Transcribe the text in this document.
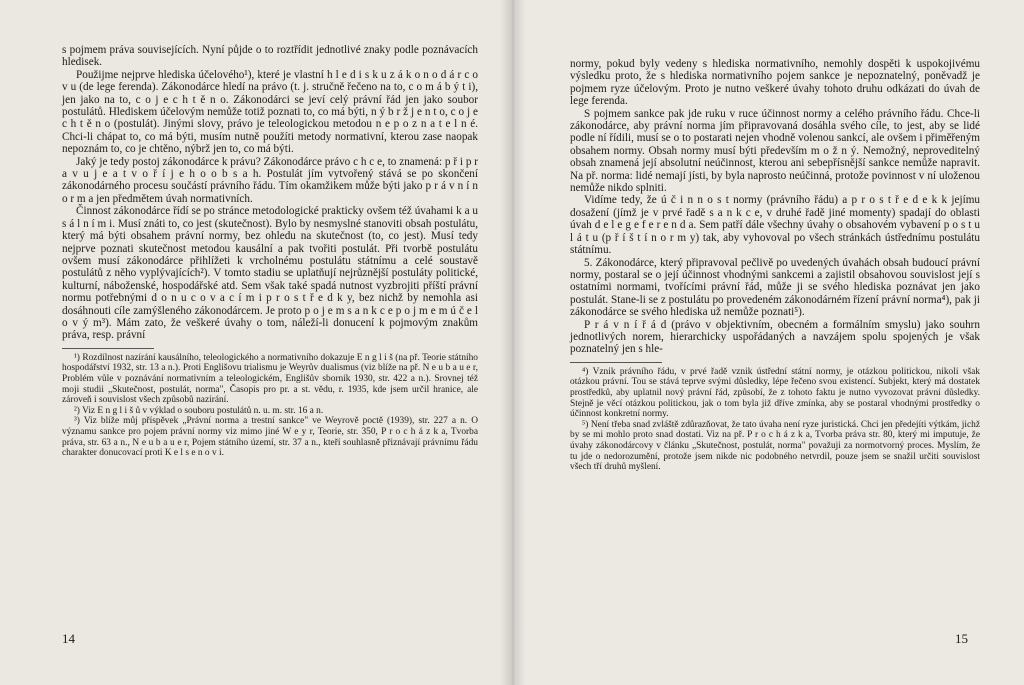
s pojmem práva souvisejících. Nyní půjde o to roztřídit jednotlivé znaky podle poznávacích hledisek.

Použijme nejprve hlediska účelového¹), které je vlastní h l e d i s k u z á k o n o d á r c o v u (de lege ferenda). Zákonodárce hledí na právo (t. j. stručně řečeno na to, c o m á b ý t i), jen jako na to, c o j e c h t ě n o. Zákonodárci se jeví celý právní řád jen jako soubor postulátů. Hlediskem účelovým nemůže totiž poznati to, co má býti, n ý b r ž j e n t o, c o j e c h t ě n o (postulát). Jinými slovy, právo je teleologickou metodou n e p o z n a t e l n é. Chci-li chápat to, co má býti, musím nutně použíti metody normativní, kterou zase naopak nepoznám to, co je chtěno, nýbrž jen to, co má býti.

Jaký je tedy postoj zákonodárce k právu? Zákonodárce právo c h c e, to znamená: p ř i p r a v u j e a t v o ř í j e h o o b s a h. Postulát jím vytvořený stává se po skončení zákonodárného procesu součástí právního řádu. Tím okamžikem může býti jako p r á v n í n o r m a jen předmětem úvah normativních.

Činnost zákonodárce řídí se po stránce metodologické prakticky ovšem též úvahami k a u s á l n í m i. Musí znáti to, co jest (skutečnost). Bylo by nesmyslné stanoviti obsah postulátu, který má býti obsahem právní normy, bez ohledu na skutečnost (to, co jest). Musí tedy nejprve poznati skutečnost metodou kausální a pak tvořiti postulát. Při tvorbě postulátu ovšem musí zákonodárce přihlížeti k vrcholnému postulátu státnímu a celé soustavě postulátů z něho vyplývajících²). V tomto stadiu se uplatňují nejrůznější postuláty politické, kulturní, náboženské, hospodářské atd. Sem však také spadá nutnost vyzbrojiti příští právní normu potřebnými d o n u c o v a c í m i p r o s t ř e d k y, bez nichž by nemohla asi dosáhnouti cíle zamýšleného zákonodárcem. Je proto p o j e m s a n k c e p o j m e m ú č e l o v ý m³). Mám zato, že veškeré úvahy o tom, náleží-li donucení k pojmovým znakům práva, resp. právní

¹) Rozdílnost nazírání kausálního, teleologického a normativního dokazuje E n g l i š (na př. Teorie státního hospodářství 1932, str. 13 a n.). Proti Englišovu trialismu je Weyrův dualismus (viz blíže na př. N e u b a u e r, Problém vůle v poznávání normativním a teleologickém, Englišův sborník 1930, str. 422 a n.). Srovnej též moji studii „Skutečnost, postulát, norma", Časopis pro pr. a st. vědu, r. 1935, kde jsem určil hranice, ale zároveň i souvislost všech způsobů nazírání.

²) Viz E n g l i š ů v výklad o souboru postulátů n. u. m. str. 16 a n.

³) Viz blíže můj příspěvek „Právní norma a trestní sankce" ve Weyrově poctě (1939), str. 227 a n. O významu sankce pro pojem právní normy viz mimo jiné W e y r, Teorie, str. 350, P r o c h á z k a, Tvorba práva, str. 63 a n., N e u b a u e r, Pojem státního území, str. 37 a n., kteří souhlasně přiznávají právnímu řádu charakter donucovací proti K e l s e n o v i.

14

normy, pokud byly vedeny s hlediska normativního, nemohly dospěti k uspokojivému výsledku proto, že s hlediska normativního pojem sankce je nepoznatelný, poněvadž je pojmem ryze účelovým. Proto je nutno veškeré úvahy tohoto druhu odkázati do úvah de lege ferenda.

S pojmem sankce pak jde ruku v ruce účinnost normy a celého právního řádu. Chce-li zákonodárce, aby právní norma jím připravovaná dosáhla svého cíle, to jest, aby se lidé podle ní řídili, musí se o to postarati nejen vhodně volenou sankcí, ale ovšem i přiměřeným obsahem normy. Obsah normy musí býti především m o ž n ý. Nemožný, neproveditelný obsah znamená její absolutní neúčinnost, kterou ani sebepřísnější sankce nemůže napravit. Na př. norma: lidé nemají jísti, by byla naprosto neúčinná, protože povinnost v ní uloženou nemůže nikdo splniti.

Vidíme tedy, že ú č i n n o s t normy (právního řádu) a p r o s t ř e d e k k jejímu dosažení (jímž je v prvé řadě s a n k c e, v druhé řadě jiné momenty) spadají do oblasti úvah d e l e g e f e r e n d a. Sem patří dále všechny úvahy o obsahovém vybavení p o s t u l á t u (p ř í š t í n o r m y) tak, aby vyhovoval po všech stránkách ústřednímu postulátu státnímu.

5. Zákonodárce, který připravoval pečlivě po uvedených úvahách obsah budoucí právní normy, postaral se o její účinnost vhodnými sankcemi a zajistil obsahovou souvislost její s ostatními normami, tvořícími právní řád, může ji se svého hlediska poznávat jen jako postulát. Stane-li se z postulátu po provedeném zákonodárném řízení právní norma⁴), pak ji zákonodárce se svého hlediska už nemůže poznati⁵).

P r á v n í ř á d (právo v objektivním, obecném a formálním smyslu) jako souhrn jednotlivých norem, hierarchicky uspořádaných a navzájem spolu spojených je však poznatelný jen s hle-

⁴) Vznik právního řádu, v prvé řadě vznik ústřední státní normy, je otázkou politickou, nikoli však otázkou právní. Tou se stává teprve svými důsledky, lépe řečeno svou existencí. Subjekt, který má dostatek prostředků, aby uplatnil nový právní řád, způsobí, že z tohoto faktu je nutno vyvozovat právní důsledky. Stejně je věcí otázkou politickou, jak o tom byla již dříve zmínka, aby se postaral vhodnými prostředky o účinnost konkretní normy.

⁵) Není třeba snad zvláště zdůrazňovat, že tato úvaha není ryze juristická. Chci jen předejíti výtkám, jichž by se mi mohlo proto snad dostati. Viz na př. P r o c h á z k a, Tvorba práva str. 80, který mi imputuje, že úvahy zákonodárcovy v článku „Skutečnost, postulát, norma" považuji za normotvorný proces. Myslím, že tu jde o nedorozumění, protože jsem nikde nic podobného netvrdil, pouze jsem se snažil určiti souvislost všech tří druhů myšlení.

15
